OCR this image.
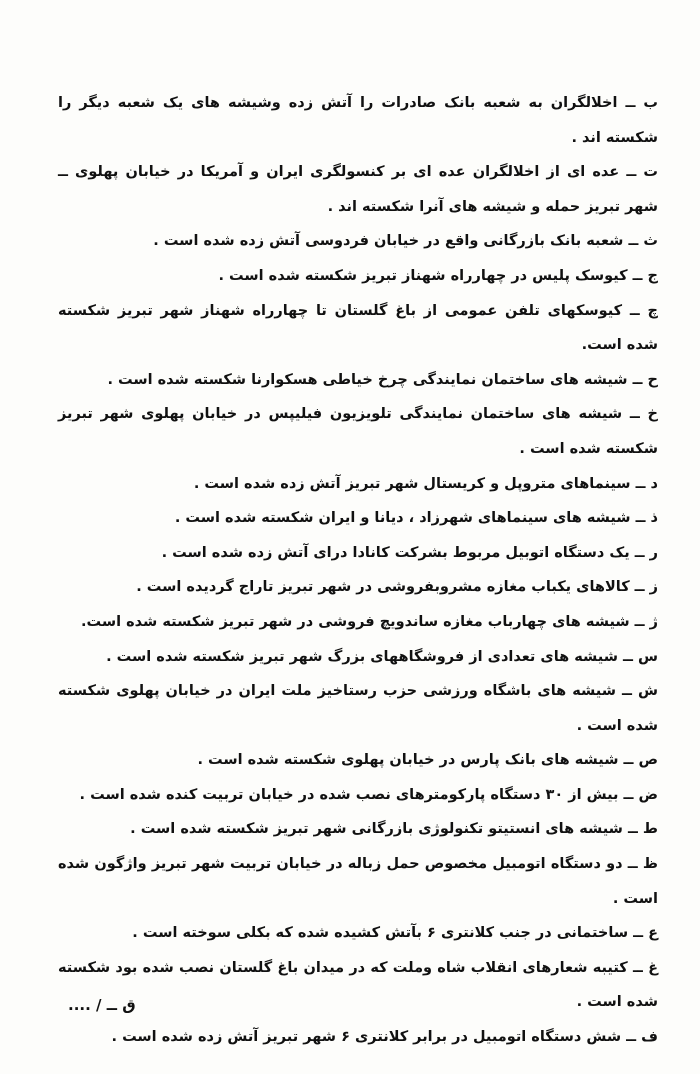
ب ــ اخلالگران به شعبه بانک صادرات را آتش زده وشیشه های یک شعبه دیگر را شکسته اند .
ت ــ عده ای از اخلالگران عده ای بر کنسولگری ایران و آمریکا در خیابان پهلوی ــ شهر تبریز حمله و شیشه های آنرا شکسته اند .
ث ــ شعبه بانک بازرگانی واقع در خیابان فردوسی آتش زده شده است .
ج ــ کیوسک پلیس در چهارراه شهناز تبریز شکسته شده است .
چ ــ کیوسکهای تلفن عمومی از باغ گلستان تا چهارراه شهناز شهر تبریز شکسته شده است.
ح ــ شیشه های ساختمان نمایندگی چرخ خیاطی هسکوارنا شکسته شده است .
خ ــ شیشه های ساختمان نمایندگی تلویزیون فیلیپس در خیابان پهلوی شهر تبریز شکسته شده است .
د ــ سینماهای متروپل و کریستال شهر تبریز آتش زده شده است .
ذ ــ شیشه های سینماهای شهرزاد ، دیانا و ایران شکسته شده است .
ر ــ یک دستگاه اتوبیل مربوط بشرکت کانادا درای آتش زده شده است .
ز ــ کالاهای یکباب مغازه مشروبفروشی در شهر تبریز تاراج گردیده است .
ژ ــ شیشه های چهارباب مغازه ساندویچ فروشی در شهر تبریز شکسته شده است.
س ــ شیشه های تعدادی از فروشگاههای بزرگ شهر تبریز شکسته شده است .
ش ــ شیشه های باشگاه ورزشی حزب رستاخیز ملت ایران در خیابان پهلوی شکسته شده است .
ص ــ شیشه های بانک پارس در خیابان پهلوی شکسته شده است .
ض ــ بیش از ۳۰ دستگاه پارکومترهای نصب شده در خیابان تربیت کنده شده است .
ط ــ شیشه های انستیتو تکنولوژی بازرگانی شهر تبریز شکسته شده است .
ظ ــ دو دستگاه اتومبیل مخصوص حمل زباله در خیابان تربیت شهر تبریز واژگون شده است .
ع ــ ساختمانی در جنب کلانتری ۶ بآتش کشیده شده که بکلی سوخته است .
غ ــ کتیبه شعارهای انقلاب شاه وملت که در میدان باغ گلستان نصب شده بود شکسته شده است .
ف ــ شش دستگاه اتومبیل در برابر کلانتری ۶ شهر تبریز آتش زده شده است .
ق ــ / ....
